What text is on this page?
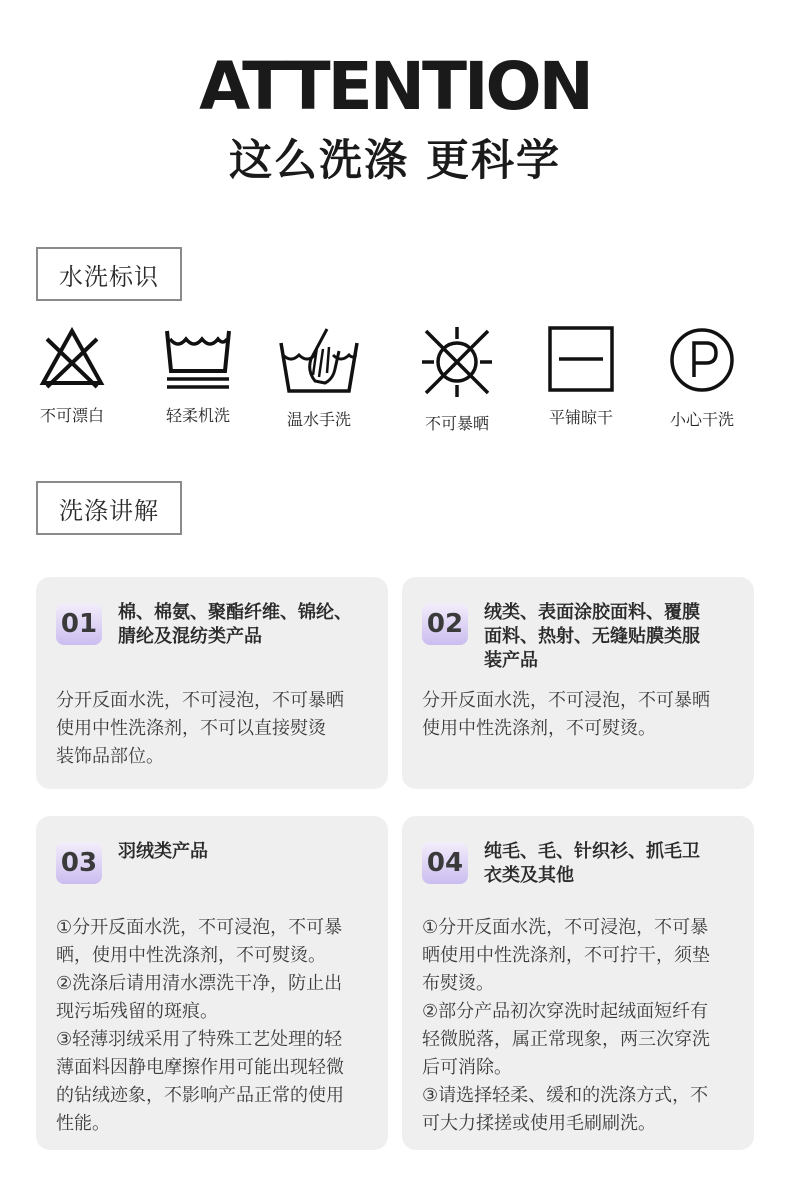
ATTENTION
这么洗涤 更科学
水洗标识
不可漂白	轻柔机洗	温水手洗	不可暴晒	平铺晾干	小心干洗
洗涤讲解
01 棉、棉氨、聚酯纤维、锦纶、
腈纶及混纺类产品
分开反面水洗，不可浸泡，不可暴晒
使用中性洗涤剂，不可以直接熨烫
装饰品部位。
02 绒类、表面涂胶面料、覆膜
面料、热射、无缝贴膜类服
装产品
分开反面水洗，不可浸泡，不可暴晒
使用中性洗涤剂，不可熨烫。
03 羽绒类产品
①分开反面水洗，不可浸泡，不可暴
晒，使用中性洗涤剂，不可熨烫。
②洗涤后请用清水漂洗干净，防止出
现污垢残留的斑痕。
③轻薄羽绒采用了特殊工艺处理的轻
薄面料因静电摩擦作用可能出现轻微
的钻绒迹象，不影响产品正常的使用
性能。
04 纯毛、毛、针织衫、抓毛卫
衣类及其他
①分开反面水洗，不可浸泡，不可暴
晒使用中性洗涤剂，不可拧干，须垫
布熨烫。
②部分产品初次穿洗时起绒面短纤有
轻微脱落，属正常现象，两三次穿洗
后可消除。
③请选择轻柔、缓和的洗涤方式，不
可大力揉搓或使用毛刷刷洗。
